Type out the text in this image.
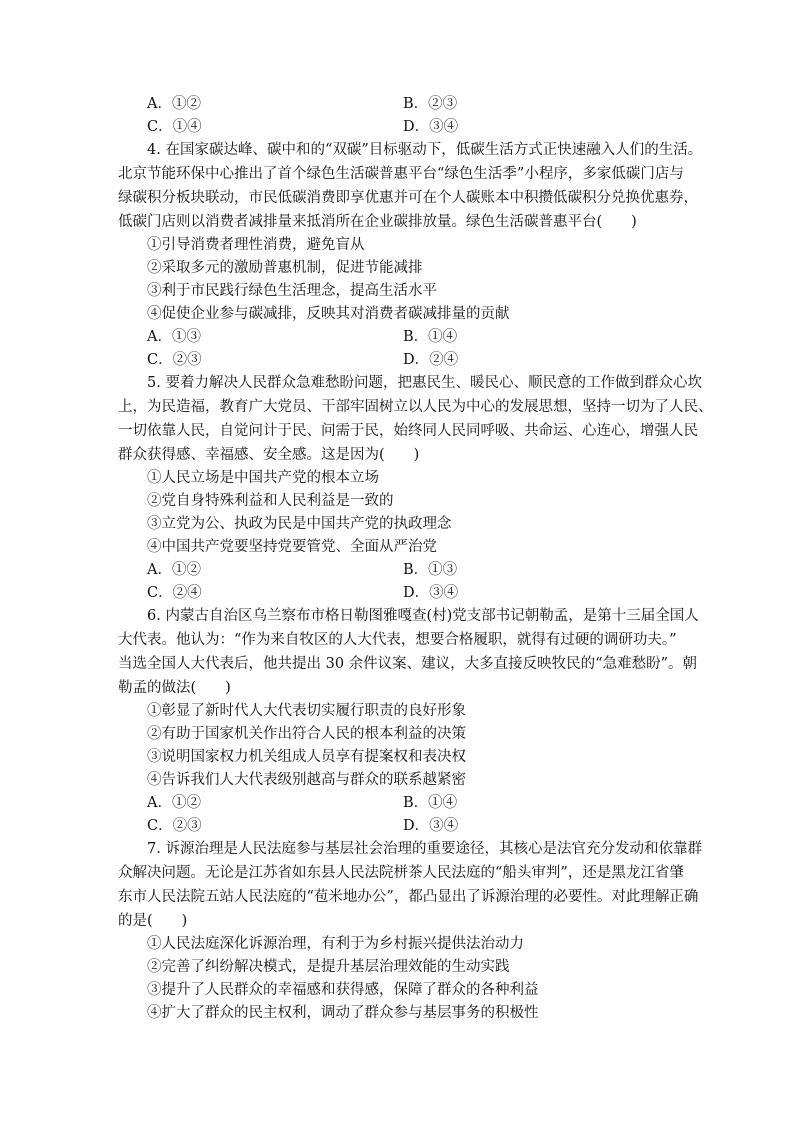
A．①②	B．②③
C．①④	D．③④
4. 在国家碳达峰、碳中和的“双碳”目标驱动下，低碳生活方式正快速融入人们的生活。
北京节能环保中心推出了首个绿色生活碳普惠平台“绿色生活季”小程序，多家低碳门店与
绿碳积分板块联动，市民低碳消费即享优惠并可在个人碳账本中积攒低碳积分兑换优惠券，
低碳门店则以消费者减排量来抵消所在企业碳排放量。绿色生活碳普惠平台(　　)
①引导消费者理性消费，避免盲从
②采取多元的激励普惠机制，促进节能减排
③利于市民践行绿色生活理念，提高生活水平
④促使企业参与碳减排，反映其对消费者碳减排量的贡献
A．①③	B．①④
C．②③	D．②④
5. 要着力解决人民群众急难愁盼问题，把惠民生、暖民心、顺民意的工作做到群众心坎
上，为民造福，教育广大党员、干部牢固树立以人民为中心的发展思想，坚持一切为了人民、
一切依靠人民，自觉问计于民、问需于民，始终同人民同呼吸、共命运、心连心，增强人民
群众获得感、幸福感、安全感。这是因为(　　)
①人民立场是中国共产党的根本立场
②党自身特殊利益和人民利益是一致的
③立党为公、执政为民是中国共产党的执政理念
④中国共产党要坚持党要管党、全面从严治党
A．①②	B．①③
C．②④	D．③④
6. 内蒙古自治区乌兰察布市格日勒图雅嘎查(村)党支部书记朝勒孟，是第十三届全国人
大代表。他认为：“作为来自牧区的人大代表，想要合格履职，就得有过硬的调研功夫。”
当选全国人大代表后，他共提出 30 余件议案、建议，大多直接反映牧民的“急难愁盼”。朝
勒孟的做法(　　)
①彰显了新时代人大代表切实履行职责的良好形象
②有助于国家机关作出符合人民的根本利益的决策
③说明国家权力机关组成人员享有提案权和表决权
④告诉我们人大代表级别越高与群众的联系越紧密
A．①②	B．①④
C．②③	D．③④
7. 诉源治理是人民法庭参与基层社会治理的重要途径，其核心是法官充分发动和依靠群
众解决问题。无论是江苏省如东县人民法院栟茶人民法庭的“船头审判”，还是黑龙江省肇
东市人民法院五站人民法庭的“苞米地办公”，都凸显出了诉源治理的必要性。对此理解正确
的是(　　)
①人民法庭深化诉源治理，有利于为乡村振兴提供法治动力
②完善了纠纷解决模式，是提升基层治理效能的生动实践
③提升了人民群众的幸福感和获得感，保障了群众的各种利益
④扩大了群众的民主权利，调动了群众参与基层事务的积极性
